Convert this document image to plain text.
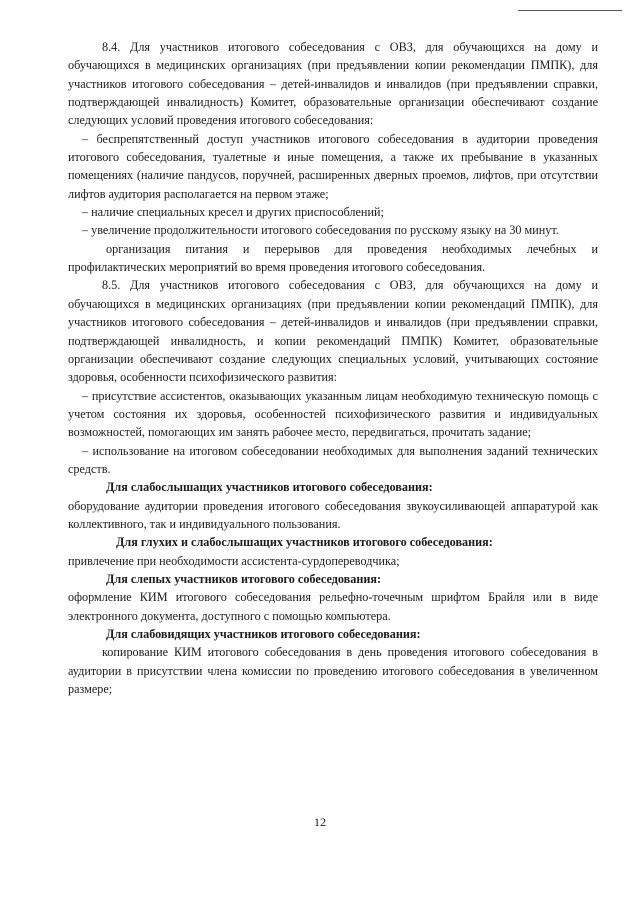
8.4. Для участников итогового собеседования с ОВЗ, для обучающихся на дому и обучающихся в медицинских организациях (при предъявлении копии рекомендации ПМПК), для участников итогового собеседования – детей-инвалидов и инвалидов (при предъявлении справки, подтверждающей инвалидность) Комитет, образовательные организации обеспечивают создание следующих условий проведения итогового собеседования:

– беспрепятственный доступ участников итогового собеседования в аудитории проведения итогового собеседования, туалетные и иные помещения, а также их пребывание в указанных помещениях (наличие пандусов, поручней, расширенных дверных проемов, лифтов, при отсутствии лифтов аудитория располагается на первом этаже;

– наличие специальных кресел и других приспособлений;

– увеличение продолжительности итогового собеседования по русскому языку на 30 минут.

организация питания и перерывов для проведения необходимых лечебных и профилактических мероприятий во время проведения итогового собеседования.

8.5. Для участников итогового собеседования с ОВЗ, для обучающихся на дому и обучающихся в медицинских организациях (при предъявлении копии рекомендаций ПМПК), для участников итогового собеседования – детей-инвалидов и инвалидов (при предъявлении справки, подтверждающей инвалидность, и копии рекомендаций ПМПК) Комитет, образовательные организации обеспечивают создание следующих специальных условий, учитывающих состояние здоровья, особенности психофизического развития:

– присутствие ассистентов, оказывающих указанным лицам необходимую техническую помощь с учетом состояния их здоровья, особенностей психофизического развития и индивидуальных возможностей, помогающих им занять рабочее место, передвигаться, прочитать задание;

– использование на итоговом собеседовании необходимых для выполнения заданий технических средств.

Для слабослышащих участников итогового собеседования:

оборудование аудитории проведения итогового собеседования звукоусиливающей аппаратурой как коллективного, так и индивидуального пользования.

Для глухих и слабослышащих участников итогового собеседования:

привлечение при необходимости ассистента-сурдопереводчика;

Для слепых участников итогового собеседования:

оформление КИМ итогового собеседования рельефно-точечным шрифтом Брайля или в виде электронного документа, доступного с помощью компьютера.

Для слабовидящих участников итогового собеседования:

копирование КИМ итогового собеседования в день проведения итогового собеседования в аудитории в присутствии члена комиссии по проведению итогового собеседования в увеличенном размере;

12
